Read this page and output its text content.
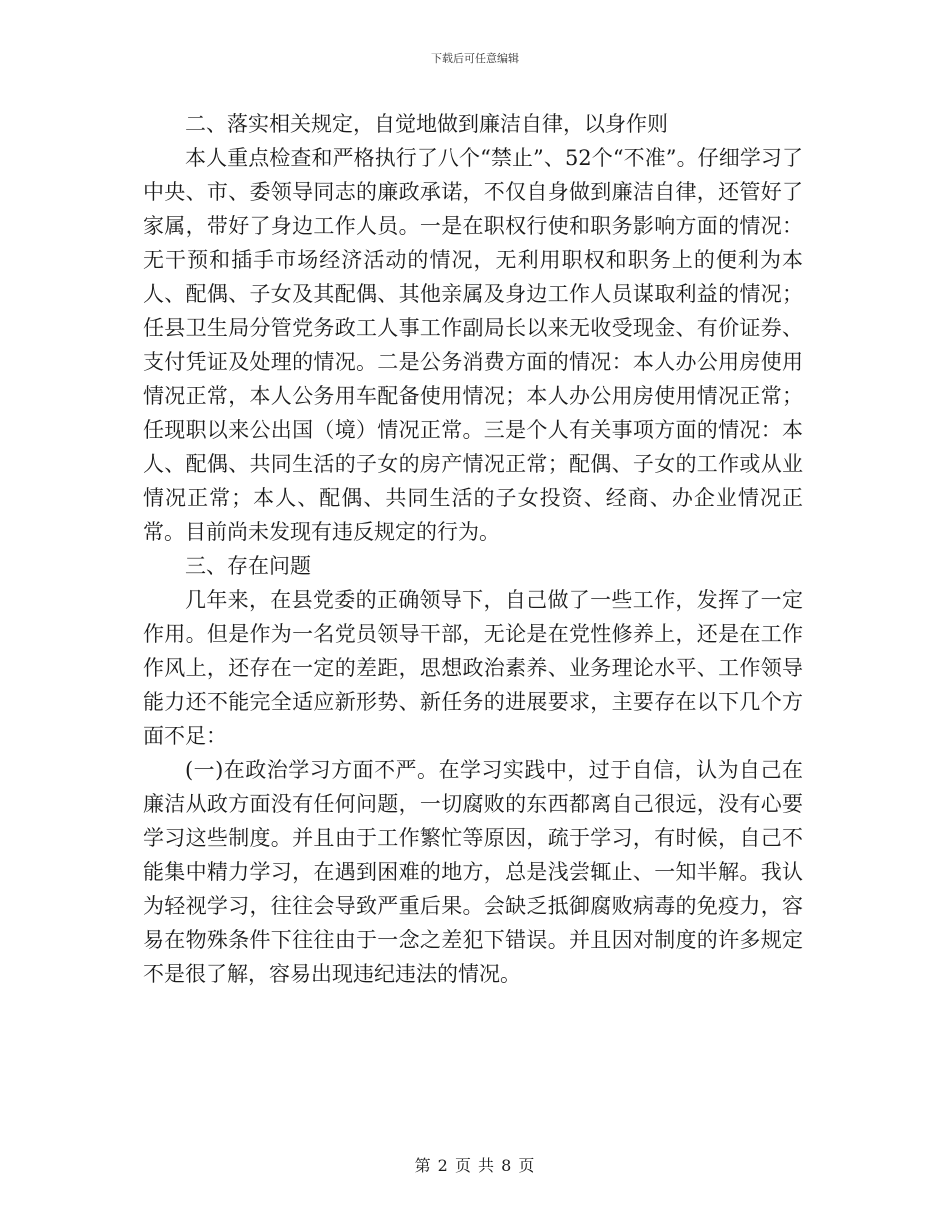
下载后可任意编辑

二、落实相关规定，自觉地做到廉洁自律，以身作则

本人重点检查和严格执行了八个“禁止”、52个“不准”。仔细学习了中央、市、委领导同志的廉政承诺，不仅自身做到廉洁自律，还管好了家属，带好了身边工作人员。一是在职权行使和职务影响方面的情况：无干预和插手市场经济活动的情况，无利用职权和职务上的便利为本人、配偶、子女及其配偶、其他亲属及身边工作人员谋取利益的情况；任县卫生局分管党务政工人事工作副局长以来无收受现金、有价证券、支付凭证及处理的情况。二是公务消费方面的情况：本人办公用房使用情况正常，本人公务用车配备使用情况；本人办公用房使用情况正常；任现职以来公出国（境）情况正常。三是个人有关事项方面的情况：本人、配偶、共同生活的子女的房产情况正常；配偶、子女的工作或从业情况正常；本人、配偶、共同生活的子女投资、经商、办企业情况正常。目前尚未发现有违反规定的行为。

三、存在问题

几年来，在县党委的正确领导下，自己做了一些工作，发挥了一定作用。但是作为一名党员领导干部，无论是在党性修养上，还是在工作作风上，还存在一定的差距，思想政治素养、业务理论水平、工作领导能力还不能完全适应新形势、新任务的进展要求，主要存在以下几个方面不足：

(一)在政治学习方面不严。在学习实践中，过于自信，认为自己在廉洁从政方面没有任何问题，一切腐败的东西都离自己很远，没有心要学习这些制度。并且由于工作繁忙等原因，疏于学习，有时候，自己不能集中精力学习，在遇到困难的地方，总是浅尝辄止、一知半解。我认为轻视学习，往往会导致严重后果。会缺乏抵御腐败病毒的免疫力，容易在物殊条件下往往由于一念之差犯下错误。并且因对制度的许多规定不是很了解，容易出现违纪违法的情况。

第 2 页 共 8 页
